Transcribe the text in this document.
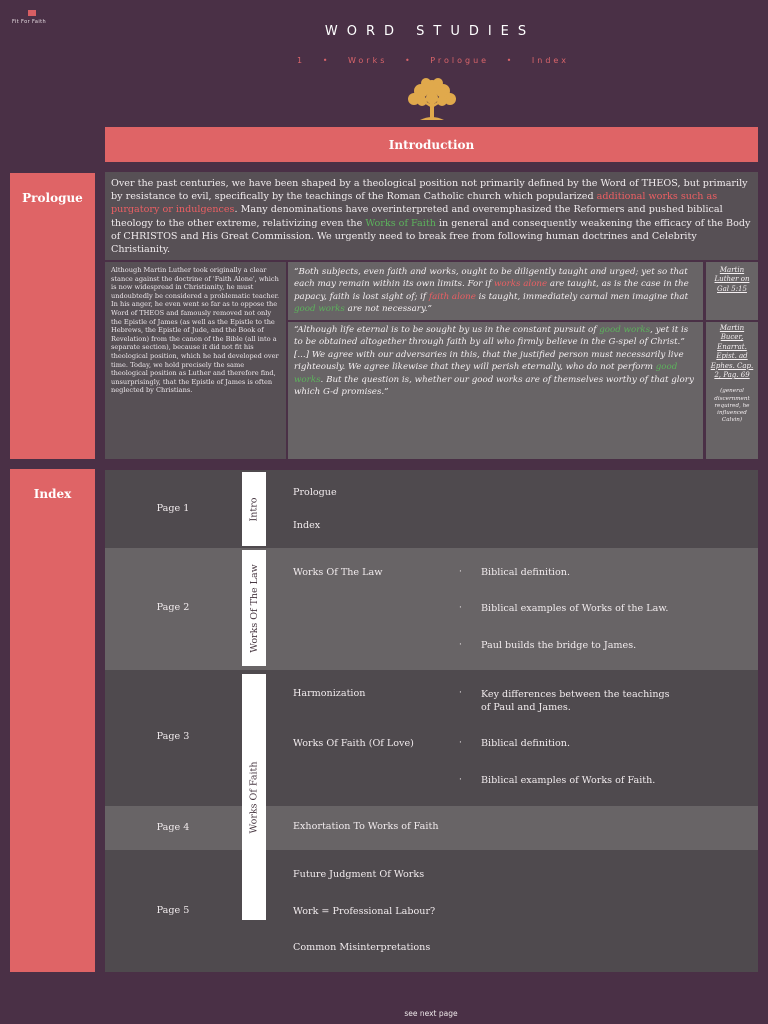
Fit For Faith
WORD STUDIES
1 • Works • Prologue • Index
Introduction
Prologue
Over the past centuries, we have been shaped by a theological position not primarily defined by the Word of THEOS, but primarily by resistance to evil, specifically by the teachings of the Roman Catholic church which popularized additional works such as purgatory or indulgences. Many denominations have overinterpreted and overemphasized the Reformers and pushed biblical theology to the other extreme, relativizing even the Works of Faith in general and consequently weakening the efficacy of the Body of CHRISTOS and His Great Commission. We urgently need to break free from following human doctrines and Celebrity Christianity.
Although Martin Luther took originally a clear stance against the doctrine of 'Faith Alone', which is now widespread in Christianity, he must undoubtedly be considered a problematic teacher. In his anger, he even went so far as to oppose the Word of THEOS and famously removed not only the Epistle of James (as well as the Epistle to the Hebrews, the Epistle of Jude, and the Book of Revelation) from the canon of the Bible (all into a separate section), because it did not fit his theological position, which he had developed over time. Today, we hold precisely the same theological position as Luther and therefore find, unsurprisingly, that the Epistle of James is often neglected by Christians.
“Both subjects, even faith and works, ought to be diligently taught and urged; yet so that each may remain within its own limits. For if works alone are taught, as is the case in the papacy, faith is lost sight of; if faith alone is taught, immediately carnal men imagine that good works are not necessary.”
“Although life eternal is to be sought by us in the constant pursuit of good works, yet it is to be obtained altogether through faith by all who firmly believe in the G-spel of Christ.” [...] We agree with our adversaries in this, that the justified person must necessarily live righteously. We agree likewise that they will perish eternally, who do not perform good works. But the question is, whether our good works are of themselves worthy of that glory which G-d promises.”
Martin Luther on Gal 5:15
Martin Bucer, Enarrat. Epist. ad Ephes. Cap. 2, Pag. 69
(general discernment required, he influenced Calvin)
Index
Page 1
Page 2
Page 3
Page 4
Page 5
Intro
Works Of The Law
Works Of Faith
Prologue
Index
Works Of The Law	· Biblical definition.
· Biblical examples of Works of the Law.
· Paul builds the bridge to James.
Harmonization
Works Of Faith (Of Love)
· Key differences between the teachings of Paul and James.
· Biblical definition.
· Biblical examples of Works of Faith.
Exhortation To Works of Faith
Future Judgment Of Works
Work = Professional Labour?
Common Misinterpretations
see next page
